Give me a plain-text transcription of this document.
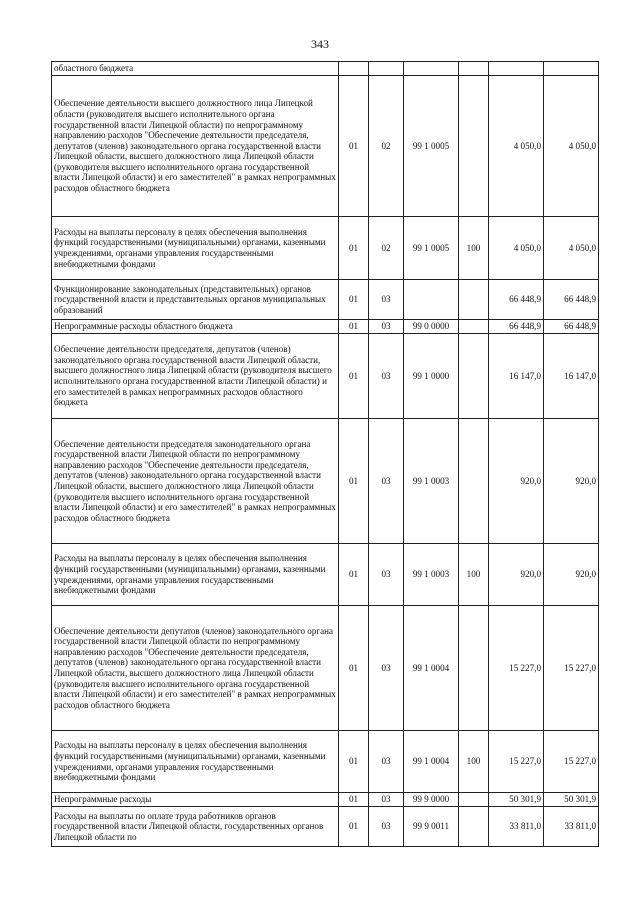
343
областного бюджета						
Обеспечение деятельности высшего должностного лица Липецкой области (руководителя высшего исполнительного органа государственной власти Липецкой области) по непрограммному направлению расходов "Обеспечение деятельности председателя, депутатов (членов) законодательного органа государственной власти Липецкой области, высшего должностного лица Липецкой области (руководителя высшего исполнительного органа государственной власти Липецкой области) и его заместителей" в рамках непрограммных расходов областного бюджета	01	02	99 1 0005		4 050,0	4 050,0
Расходы на выплаты персоналу в целях обеспечения выполнения функций государственными (муниципальными) органами, казенными учреждениями, органами управления государственными внебюджетными фондами	01	02	99 1 0005	100	4 050,0	4 050,0
Функционирование законодательных (представительных) органов государственной власти и представительных органов муниципальных образований	01	03			66 448,9	66 448,9
Непрограммные расходы областного бюджета	01	03	99 0 0000		66 448,9	66 448,9
Обеспечение деятельности председателя, депутатов (членов) законодательного органа государственной власти Липецкой области, высшего должностного лица Липецкой области (руководителя высшего исполнительного органа государственной власти Липецкой области) и его заместителей в рамках непрограммных расходов областного бюджета	01	03	99 1 0000		16 147,0	16 147,0
Обеспечение деятельности председателя законодательного органа государственной власти Липецкой области по непрограммному направлению расходов "Обеспечение деятельности председателя, депутатов (членов) законодательного органа государственной власти Липецкой области, высшего должностного лица Липецкой области (руководителя высшего исполнительного органа государственной власти Липецкой области) и его заместителей" в рамках непрограммных расходов областного бюджета	01	03	99 1 0003		920,0	920,0
Расходы на выплаты персоналу в целях обеспечения выполнения функций государственными (муниципальными) органами, казенными учреждениями, органами управления государственными внебюджетными фондами	01	03	99 1 0003	100	920,0	920,0
Обеспечение деятельности депутатов (членов) законодательного органа государственной власти Липецкой области по непрограммному направлению расходов "Обеспечение деятельности председателя, депутатов (членов) законодательного органа государственной власти Липецкой области, высшего должностного лица Липецкой области (руководителя высшего исполнительного органа государственной власти Липецкой области) и его заместителей" в рамках непрограммных расходов областного бюджета	01	03	99 1 0004		15 227,0	15 227,0
Расходы на выплаты персоналу в целях обеспечения выполнения функций государственными (муниципальными) органами, казенными учреждениями, органами управления государственными внебюджетными фондами	01	03	99 1 0004	100	15 227,0	15 227,0
Непрограммные расходы	01	03	99 9 0000		50 301,9	50 301,9
Расходы на выплаты по оплате труда работников органов государственной власти Липецкой области, государственных органов Липецкой области по	01	03	99 9 0011		33 811,0	33 811,0
